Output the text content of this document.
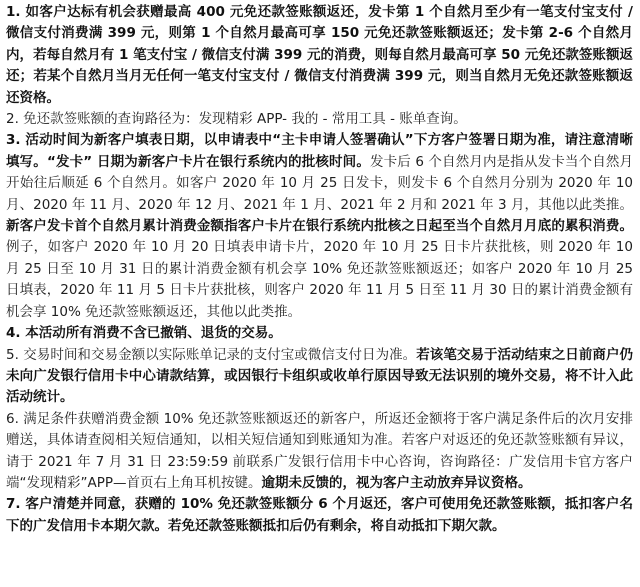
1. 如客户达标有机会获赠最高 400 元免还款签账额返还，发卡第 1 个自然月至少有一笔支付宝支付 / 微信支付消费满 399 元，则第 1 个自然月最高可享 150 元免还款签账额返还；发卡第 2-6 个自然月内，若每自然月有 1 笔支付宝 / 微信支付满 399 元的消费，则每自然月最高可享 50 元免还款签账额返还；若某个自然月当月无任何一笔支付宝支付 / 微信支付消费满 399 元，则当自然月无免还款签账额返还资格。

2. 免还款签账额的查询路径为：发现精彩 APP- 我的 - 常用工具 - 账单查询。

3. 活动时间为新客户填表日期，以申请表中“主卡申请人签署确认”下方客户签署日期为准，请注意清晰填写。“发卡” 日期为新客户卡片在银行系统内的批核时间。发卡后 6 个自然月内是指从发卡当个自然月开始往后顺延 6 个自然月。如客户 2020 年 10 月 25 日发卡，则发卡 6 个自然月分别为 2020 年 10 月、2020 年 11 月、2020 年 12 月、2021 年 1 月、2021 年 2 月和 2021 年 3 月，其他以此类推。新客户发卡首个自然月累计消费金额指客户卡片在银行系统内批核之日起至当个自然月月底的累积消费。例子，如客户 2020 年 10 月 20 日填表申请卡片，2020 年 10 月 25 日卡片获批核，则 2020 年 10 月 25 日至 10 月 31 日的累计消费金额有机会享 10% 免还款签账额返还；如客户 2020 年 10 月 25 日填表，2020 年 11 月 5 日卡片获批核，则客户 2020 年 11 月 5 日至 11 月 30 日的累计消费金额有机会享 10% 免还款签账额返还，其他以此类推。

4. 本活动所有消费不含已撤销、退货的交易。

5. 交易时间和交易金额以实际账单记录的支付宝或微信支付日为准。若该笔交易于活动结束之日前商户仍未向广发银行信用卡中心请款结算，或因银行卡组织或收单行原因导致无法识别的境外交易，将不计入此活动统计。

6. 满足条件获赠消费金额 10% 免还款签账额返还的新客户，所返还金额将于客户满足条件后的次月安排赠送，具体请查阅相关短信通知，以相关短信通知到账通知为准。若客户对返还的免还款签账额有异议，请于 2021 年 7 月 31 日 23:59:59 前联系广发银行信用卡中心咨询，咨询路径：广发信用卡官方客户端“发现精彩”APP—首页右上角耳机按键。逾期未反馈的，视为客户主动放弃异议资格。

7. 客户清楚并同意，获赠的 10% 免还款签账额分 6 个月返还，客户可使用免还款签账额，抵扣客户名下的广发信用卡本期欠款。若免还款签账额抵扣后仍有剩余，将自动抵扣下期欠款。
